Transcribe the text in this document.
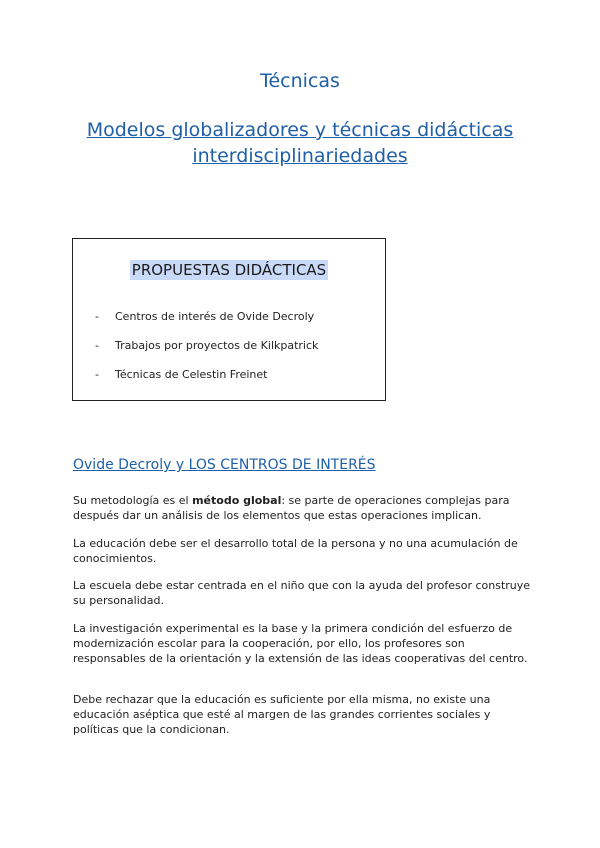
Técnicas
Modelos globalizadores y técnicas didácticas interdisciplinariedades
PROPUESTAS DIDÁCTICAS
- Centros de interés de Ovide Decroly
- Trabajos por proyectos de Kilkpatrick
- Técnicas de Celestin Freinet
Ovide Decroly y LOS CENTROS DE INTERÉS

Su metodología es el método global: se parte de operaciones complejas para después dar un análisis de los elementos que estas operaciones implican.

La educación debe ser el desarrollo total de la persona y no una acumulación de conocimientos.

La escuela debe estar centrada en el niño que con la ayuda del profesor construye su personalidad.

La investigación experimental es la base y la primera condición del esfuerzo de modernización escolar para la cooperación, por ello, los profesores son responsables de la orientación y la extensión de las ideas cooperativas del centro.

Debe rechazar que la educación es suficiente por ella misma, no existe una educación aséptica que esté al margen de las grandes corrientes sociales y políticas que la condicionan.
